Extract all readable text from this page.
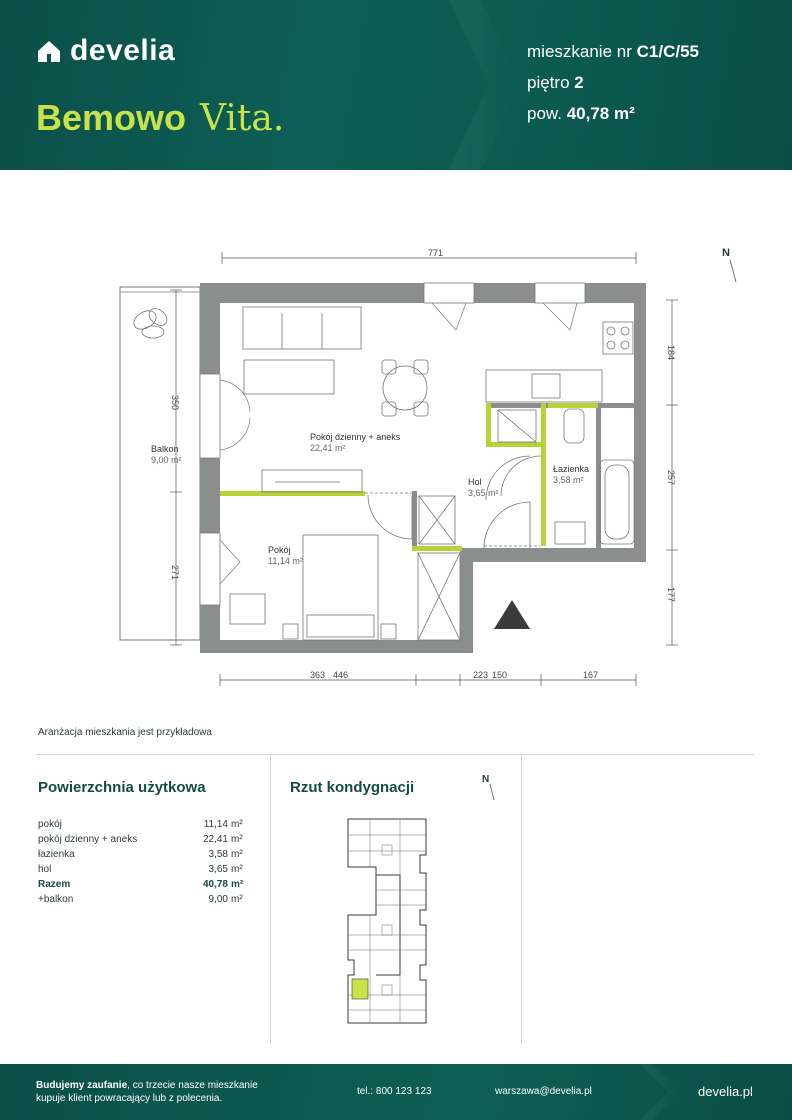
develia
Bemowo Vita.
mieszkanie nr C1/C/55
piętro 2
pow. 40,78 m²
771
350
271
184
257
177
363 446	223 150	167
N
Balkon
9,00 m²
Pokój dzienny + aneks
22,41 m²
Hol
3,65 m²
Łazienka
3,58 m²
Pokój
11,14 m²
Aranżacja mieszkania jest przykładowa
Powierzchnia użytkowa
pokój	11,14	m²
pokój dzienny + aneks	22,41	m²
łazienka	3,58	m²
hol	3,65	m²
Razem	40,78	m²
+balkon	9,00	m²
Rzut kondygnacji	N
Budujemy zaufanie, co trzecie nasze mieszkanie
kupuje klient powracający lub z polecenia.
tel.: 800 123 123	warszawa@develia.pl	develia.pl
